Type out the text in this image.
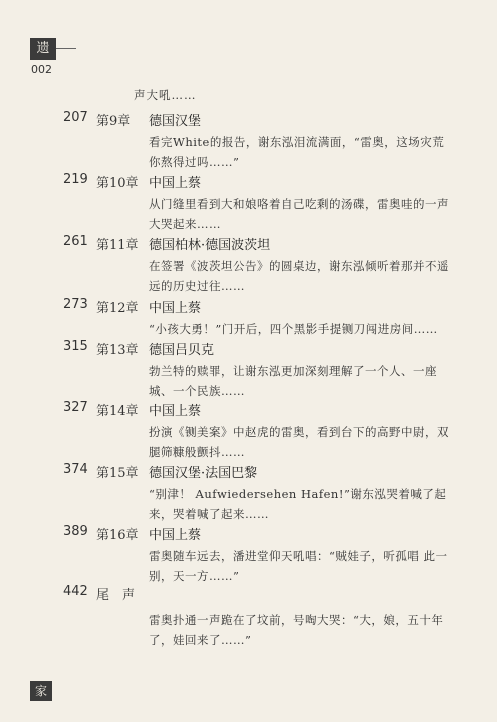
遗
002
声大吼……
207 第9章 德国汉堡
看完White的报告，谢东泓泪流满面，“雷奥，这场灾荒你熬得过吗……”
219 第10章 中国上蔡
从门缝里看到大和娘咯着自己吃剩的汤碟，雷奥哇的一声大哭起来……
261 第11章 德国柏林·德国波茨坦
在签署《波茨坦公告》的圆桌边，谢东泓倾听着那并不遥远的历史过往……
273 第12章 中国上蔡
“小孩大勇！”门开后，四个黑影手提铡刀闯进房间……
315 第13章 德国吕贝克
勃兰特的赎罪，让谢东泓更加深刻理解了一个人、一座城、一个民族……
327 第14章 中国上蔡
扮演《铡美案》中赵虎的雷奥，看到台下的高野中尉，双腿筛糠般颤抖……
374 第15章 德国汉堡·法国巴黎
“别津！ Aufwiedersehen Hafen!”谢东泓哭着喊了起来，哭着喊了起来……
389 第16章 中国上蔡
雷奥随车远去，潘进堂仰天吼唱：“贼娃子，听孤唱 此一别，天一方……”
442 尾　声
雷奥扑通一声跪在了坟前，号啕大哭：“大，娘，五十年了，娃回来了……”
家
